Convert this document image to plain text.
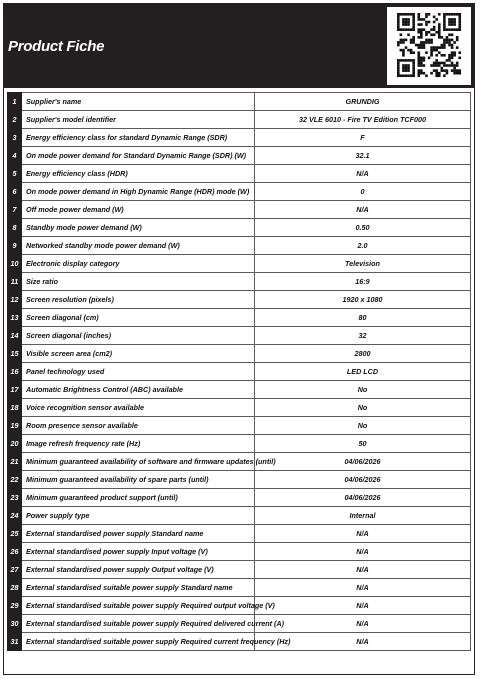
Product Fiche
1	Supplier's name	GRUNDIG
2	Supplier's model identifier	32 VLE 6010 - Fire TV Edition TCF000
3	Energy efficiency class for standard Dynamic Range (SDR)	F
4	On mode power demand for Standard Dynamic Range (SDR) (W)	32.1
5	Energy efficiency class (HDR)	N/A
6	On mode power demand in High Dynamic Range (HDR) mode (W)	0
7	Off mode power demand (W)	N/A
8	Standby mode power demand (W)	0.50
9	Networked standby mode power demand (W)	2.0
10	Electronic display category	Television
11	Size ratio	16:9
12	Screen resolution (pixels)	1920 x 1080
13	Screen diagonal (cm)	80
14	Screen diagonal (inches)	32
15	Visible screen area (cm2)	2800
16	Panel technology used	LED LCD
17	Automatic Brightness Control (ABC) available	No
18	Voice recognition sensor available	No
19	Room presence sensor available	No
20	Image refresh frequency rate (Hz)	50
21	Minimum guaranteed availability of software and firmware updates (until)	04/06/2026
22	Minimum guaranteed availability of spare parts (until)	04/06/2026
23	Minimum guaranteed product support (until)	04/06/2026
24	Power supply type	Internal
25	External standardised power supply Standard name	N/A
26	External standardised power supply Input voltage (V)	N/A
27	External standardised power supply Output voltage (V)	N/A
28	External standardised suitable power supply Standard name	N/A
29	External standardised suitable power supply Required output voltage (V)	N/A
30	External standardised suitable power supply Required delivered current (A)	N/A
31	External standardised suitable power supply Required current frequency (Hz)	N/A
